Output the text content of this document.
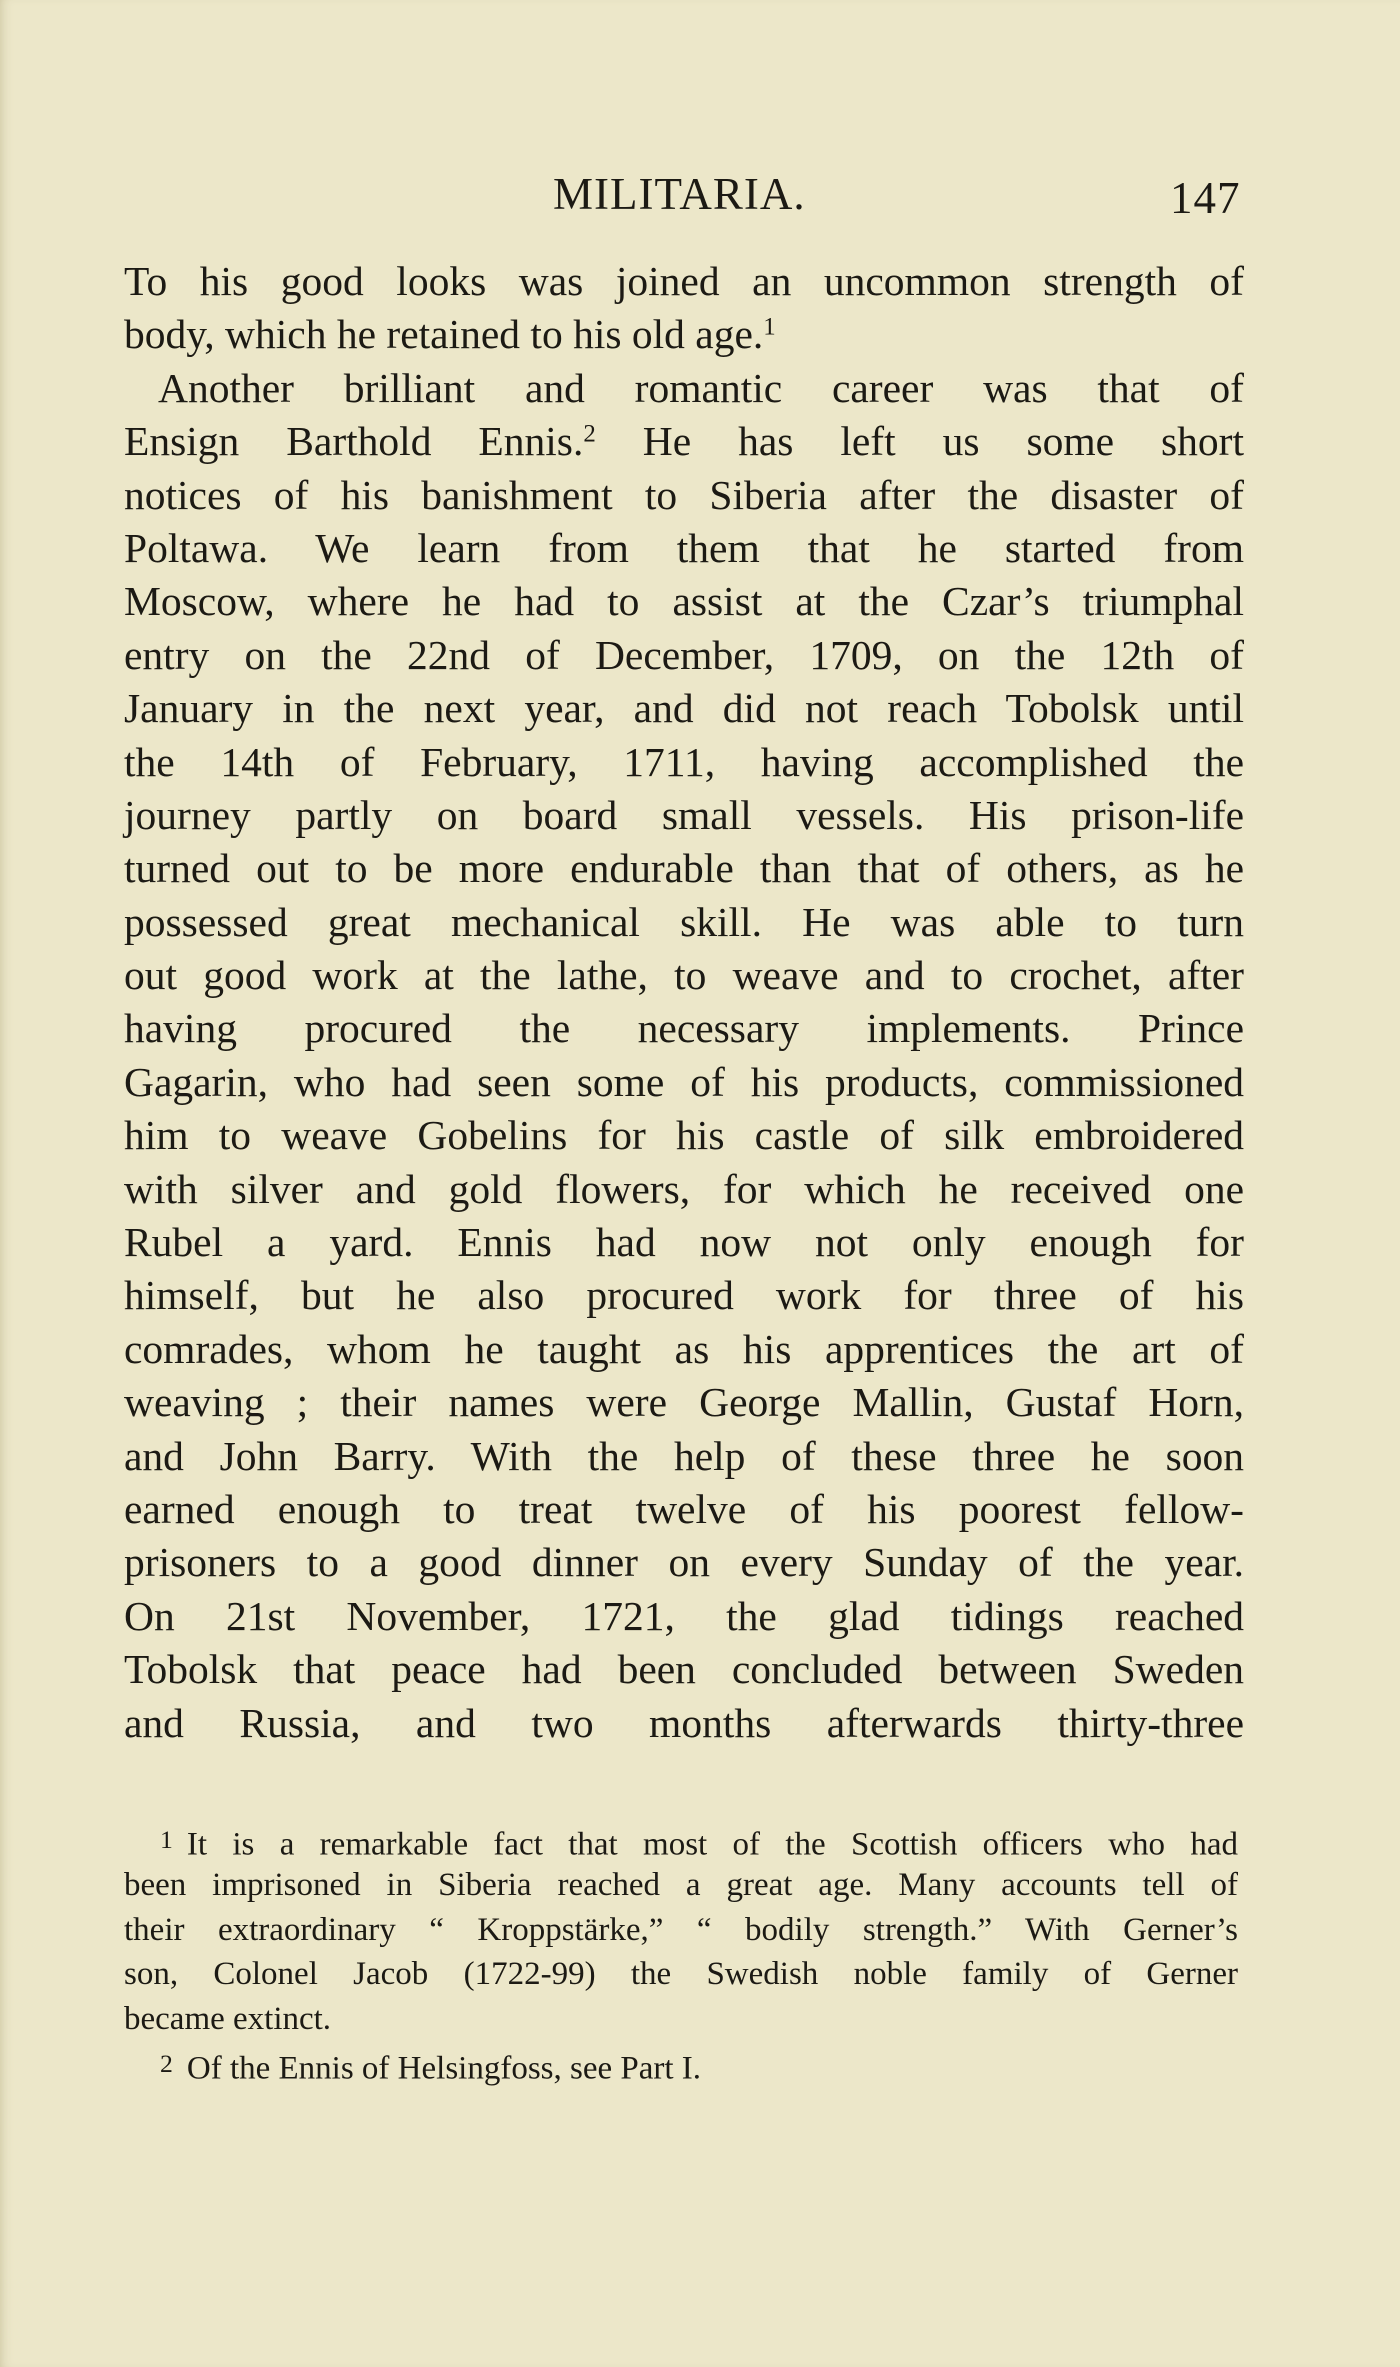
MILITARIA.	147
To his good looks was joined an uncommon strength of
body, which he retained to his old age.$^1$
Another brilliant and romantic career was that of
Ensign Barthold Ennis.$^2$ He has left us some short
notices of his banishment to Siberia after the disaster of
Poltawa. We learn from them that he started from
Moscow, where he had to assist at the Czar’s triumphal
entry on the 22nd of December, 1709, on the 12th of
January in the next year, and did not reach Tobolsk until
the 14th of February, 1711, having accomplished the
journey partly on board small vessels. His prison-life
turned out to be more endurable than that of others, as he
possessed great mechanical skill. He was able to turn
out good work at the lathe, to weave and to crochet, after
having procured the necessary implements. Prince
Gagarin, who had seen some of his products, commissioned
him to weave Gobelins for his castle of silk embroidered
with silver and gold flowers, for which he received one
Rubel a yard. Ennis had now not only enough for
himself, but he also procured work for three of his
comrades, whom he taught as his apprentices the art of
weaving ; their names were George Mallin, Gustaf Horn,
and John Barry. With the help of these three he soon
earned enough to treat twelve of his poorest fellow-
prisoners to a good dinner on every Sunday of the year.
On 21st November, 1721, the glad tidings reached
Tobolsk that peace had been concluded between Sweden
and Russia, and two months afterwards thirty-three
1 It is a remarkable fact that most of the Scottish officers who had
been imprisoned in Siberia reached a great age. Many accounts tell of
their extraordinary “ Kroppstärke,” “ bodily strength.” With Gerner’s
son, Colonel Jacob (1722-99) the Swedish noble family of Gerner
became extinct.
2 Of the Ennis of Helsingfoss, see Part I.
